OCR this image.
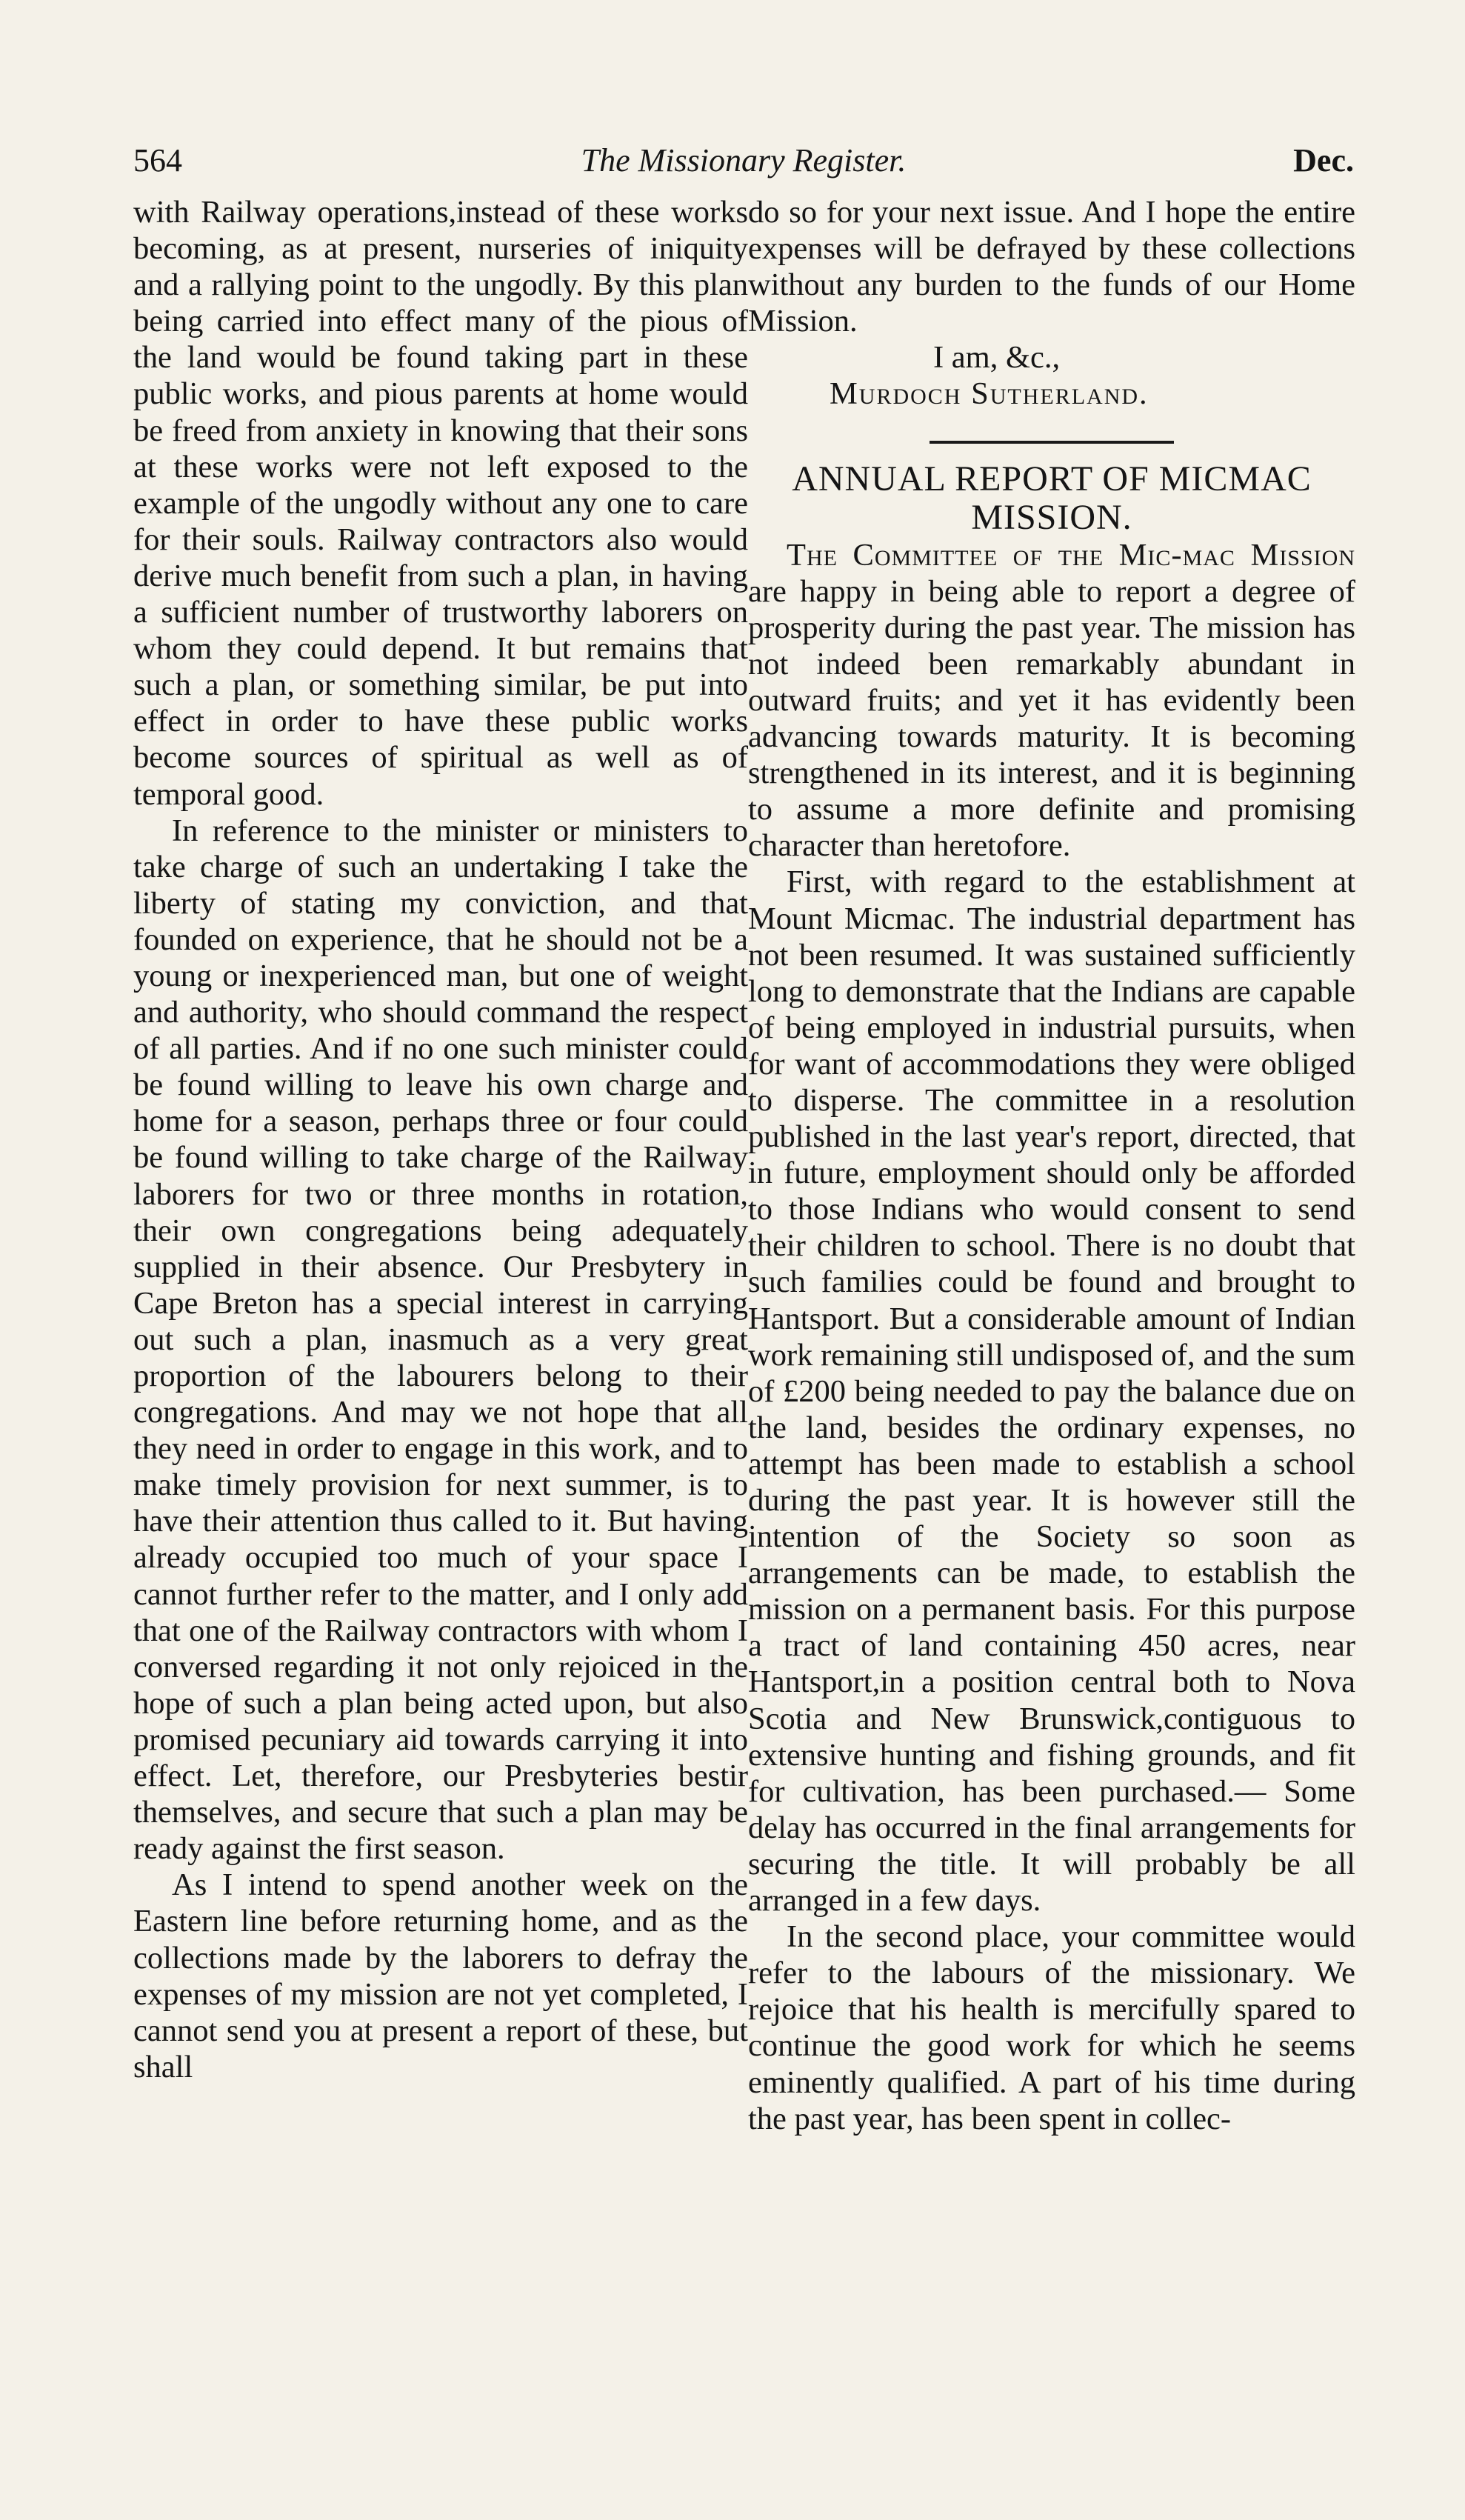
564	The Missionary Register.	Dec.

with Railway operations,instead of these works becoming, as at present, nurseries of iniquity and a rallying point to the ungodly. By this plan being carried into effect many of the pious of the land would be found taking part in these public works, and pious parents at home would be freed from anxiety in knowing that their sons at these works were not left exposed to the example of the ungodly without any one to care for their souls. Railway contractors also would derive much benefit from such a plan, in having a sufficient number of trustworthy laborers on whom they could depend. It but remains that such a plan, or something similar, be put into effect in order to have these public works become sources of spiritual as well as of temporal good.

In reference to the minister or ministers to take charge of such an undertaking I take the liberty of stating my conviction, and that founded on experience, that he should not be a young or inexperienced man, but one of weight and authority, who should command the respect of all parties. And if no one such minister could be found willing to leave his own charge and home for a season, perhaps three or four could be found willing to take charge of the Railway laborers for two or three months in rotation, their own congregations being adequately supplied in their absence. Our Presbytery in Cape Breton has a special interest in carrying out such a plan, inasmuch as a very great proportion of the labourers belong to their congregations. And may we not hope that all they need in order to engage in this work, and to make timely provision for next summer, is to have their attention thus called to it. But having already occupied too much of your space I cannot further refer to the matter, and I only add that one of the Railway contractors with whom I conversed regarding it not only rejoiced in the hope of such a plan being acted upon, but also promised pecuniary aid towards carrying it into effect. Let, therefore, our Presbyteries bestir themselves, and secure that such a plan may be ready against the first season.

As I intend to spend another week on the Eastern line before returning home, and as the collections made by the laborers to defray the expenses of my mission are not yet completed, I cannot send you at present a report of these, but shall

do so for your next issue. And I hope the entire expenses will be defrayed by these collections without any burden to the funds of our Home Mission.

I am, &c.,
Murdoch Sutherland.
ANNUAL REPORT OF MICMAC MISSION.

The Committee of the Mic-mac Mission are happy in being able to report a degree of prosperity during the past year. The mission has not indeed been remarkably abundant in outward fruits; and yet it has evidently been advancing towards maturity. It is becoming strengthened in its interest, and it is beginning to assume a more definite and promising character than heretofore.

First, with regard to the establishment at Mount Micmac. The industrial department has not been resumed. It was sustained sufficiently long to demonstrate that the Indians are capable of being employed in industrial pursuits, when for want of accommodations they were obliged to disperse. The committee in a resolution published in the last year's report, directed, that in future, employment should only be afforded to those Indians who would consent to send their children to school. There is no doubt that such families could be found and brought to Hantsport. But a considerable amount of Indian work remaining still undisposed of, and the sum of £200 being needed to pay the balance due on the land, besides the ordinary expenses, no attempt has been made to establish a school during the past year. It is however still the intention of the Society so soon as arrangements can be made, to establish the mission on a permanent basis. For this purpose a tract of land containing 450 acres, near Hantsport,in a position central both to Nova Scotia and New Brunswick,contiguous to extensive hunting and fishing grounds, and fit for cultivation, has been purchased.— Some delay has occurred in the final arrangements for securing the title. It will probably be all arranged in a few days.

In the second place, your committee would refer to the labours of the missionary. We rejoice that his health is mercifully spared to continue the good work for which he seems eminently qualified. A part of his time during the past year, has been spent in collec-
